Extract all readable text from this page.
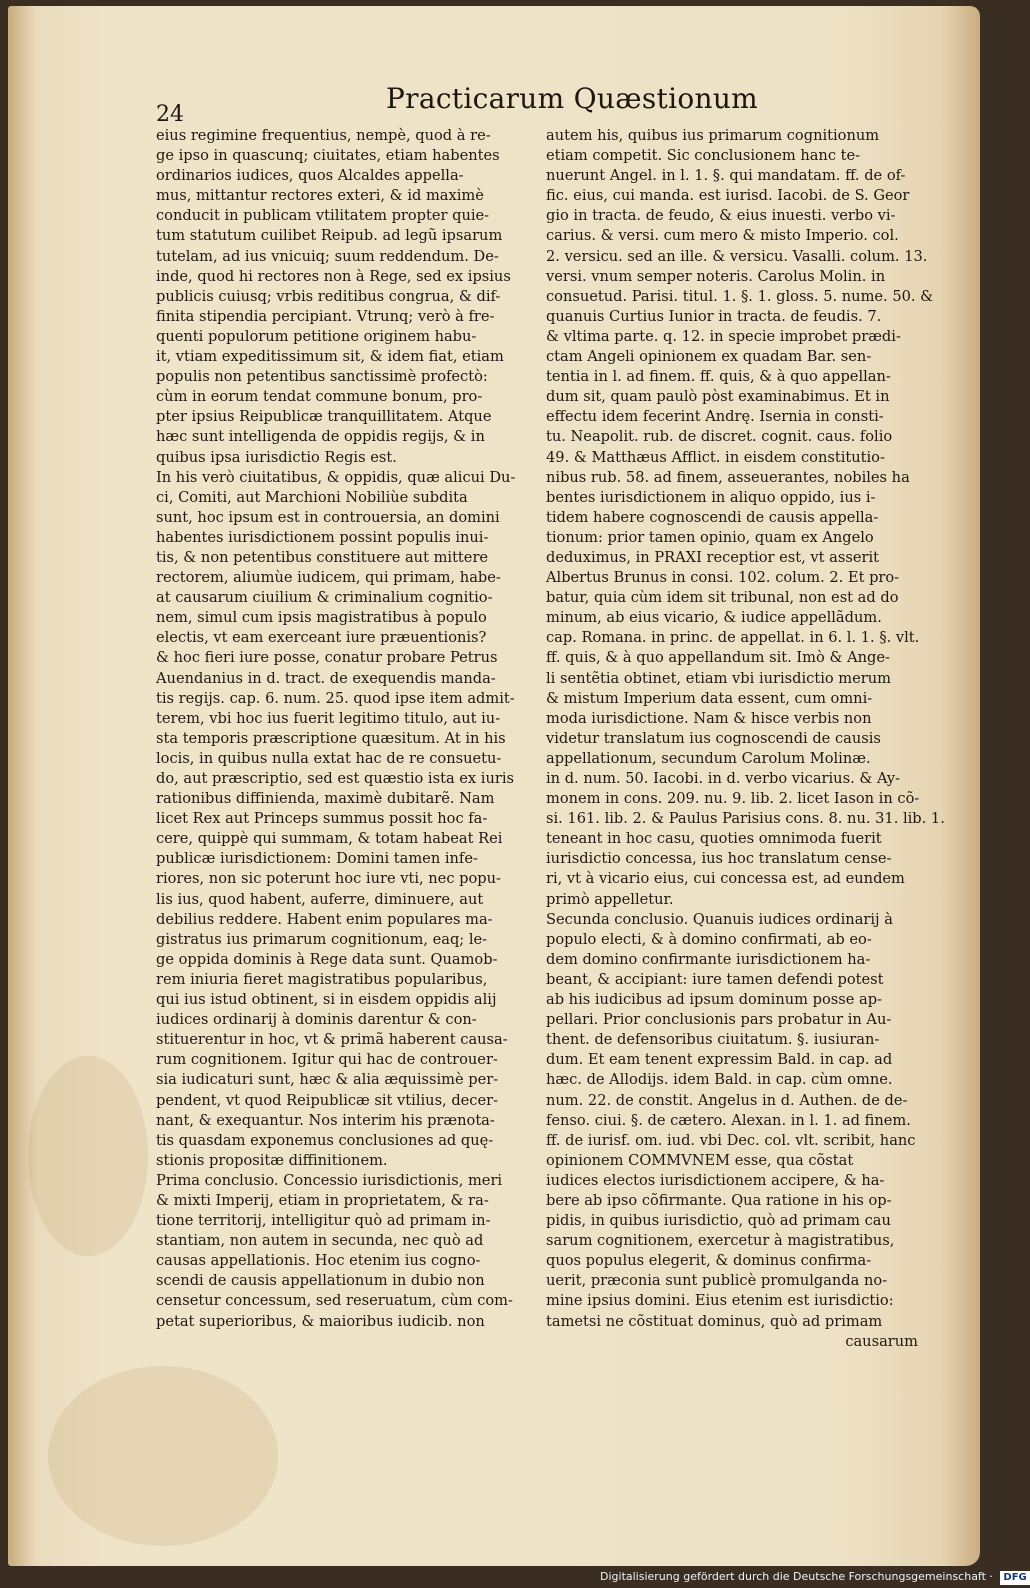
24	Practicarum Quæstionum
eius regimine frequentius, nempè, quod à re-
ge ipso in quascunq; ciuitates, etiam habentes
ordinarios iudices, quos Alcaldes appella-
mus, mittantur rectores exteri, & id maximè
conducit in publicam vtilitatem propter quie-
tum statutum cuilibet Reipub. ad legũ ipsarum
tutelam, ad ius vnicuiq; suum reddendum. De-
inde, quod hi rectores non à Rege, sed ex ipsius
publicis cuiusq; vrbis reditibus congrua, & dif-
finita stipendia percipiant. Vtrunq; verò à fre-
quenti populorum petitione originem habu-
it, vtiam expeditissimum sit, & idem fiat, etiam
populis non petentibus sanctissimè profectò:
cùm in eorum tendat commune bonum, pro-
pter ipsius Reipublicæ tranquillitatem. Atque
hæc sunt intelligenda de oppidis regijs, & in
quibus ipsa iurisdictio Regis est.
In his verò ciuitatibus, & oppidis, quæ alicui Du-
ci, Comiti, aut Marchioni Nobiliùe subdita
sunt, hoc ipsum est in controuersia, an domini
habentes iurisdictionem possint populis inui-
tis, & non petentibus constituere aut mittere
rectorem, aliumùe iudicem, qui primam, habe-
at causarum ciuilium & criminalium cognitio-
nem, simul cum ipsis magistratibus à populo
electis, vt eam exerceant iure præuentionis?
& hoc fieri iure posse, conatur probare Petrus
Auendanius in d. tract. de exequendis manda-
tis regijs. cap. 6. num. 25. quod ipse item admit-
terem, vbi hoc ius fuerit legitimo titulo, aut iu-
sta temporis præscriptione quæsitum. At in his
locis, in quibus nulla extat hac de re consuetu-
do, aut præscriptio, sed est quæstio ista ex iuris
rationibus diffinienda, maximè dubitarẽ. Nam
licet Rex aut Princeps summus possit hoc fa-
cere, quippè qui summam, & totam habeat Rei
publicæ iurisdictionem: Domini tamen infe-
riores, non sic poterunt hoc iure vti, nec popu-
lis ius, quod habent, auferre, diminuere, aut
debilius reddere. Habent enim populares ma-
gistratus ius primarum cognitionum, eaq; le-
ge oppida dominis à Rege data sunt. Quamob-
rem iniuria fieret magistratibus popularibus,
qui ius istud obtinent, si in eisdem oppidis alij
iudices ordinarij à dominis darentur & con-
stituerentur in hoc, vt & primã haberent causa-
rum cognitionem. Igitur qui hac de controuer-
sia iudicaturi sunt, hæc & alia æquissimè per-
pendent, vt quod Reipublicæ sit vtilius, decer-
nant, & exequantur. Nos interim his prænota-
tis quasdam exponemus conclusiones ad quę-
stionis propositæ diffinitionem.
Prima conclusio. Concessio iurisdictionis, meri
& mixti Imperij, etiam in proprietatem, & ra-
tione territorij, intelligitur quò ad primam in-
stantiam, non autem in secunda, nec quò ad
causas appellationis. Hoc etenim ius cogno-
scendi de causis appellationum in dubio non
censetur concessum, sed reseruatum, cùm com-
petat superioribus, & maioribus iudicib. non
autem his, quibus ius primarum cognitionum
etiam competit. Sic conclusionem hanc te-
nuerunt Angel. in l. 1. §. qui mandatam. ff. de of-
fic. eius, cui manda. est iurisd. Iacobi. de S. Geor
gio in tracta. de feudo, & eius inuesti. verbo vi-
carius. & versi. cum mero & misto Imperio. col.
2. versicu. sed an ille. & versicu. Vasalli. colum. 13.
versi. vnum semper noteris. Carolus Molin. in
consuetud. Parisi. titul. 1. §. 1. gloss. 5. nume. 50. &
quanuis Curtius Iunior in tracta. de feudis. 7.
& vltima parte. q. 12. in specie improbet prædi-
ctam Angeli opinionem ex quadam Bar. sen-
tentia in l. ad finem. ff. quis, & à quo appellan-
dum sit, quam paulò pòst examinabimus. Et in
effectu idem fecerint Andrę. Isernia in consti-
tu. Neapolit. rub. de discret. cognit. caus. folio
49. & Matthæus Afflict. in eisdem constitutio-
nibus rub. 58. ad finem, asseuerantes, nobiles ha
bentes iurisdictionem in aliquo oppido, ius i-
tidem habere cognoscendi de causis appella-
tionum: prior tamen opinio, quam ex Angelo
deduximus, in PRAXI receptior est, vt asserit
Albertus Brunus in consi. 102. colum. 2. Et pro-
batur, quia cùm idem sit tribunal, non est ad do
minum, ab eius vicario, & iudice appellãdum.
cap. Romana. in princ. de appellat. in 6. l. 1. §. vlt.
ff. quis, & à quo appellandum sit. Imò & Ange-
li sentẽtia obtinet, etiam vbi iurisdictio merum
& mistum Imperium data essent, cum omni-
moda iurisdictione. Nam & hisce verbis non
videtur translatum ius cognoscendi de causis
appellationum, secundum Carolum Molinæ.
in d. num. 50. Iacobi. in d. verbo vicarius. & Ay-
monem in cons. 209. nu. 9. lib. 2. licet Iason in cõ-
si. 161. lib. 2. & Paulus Parisius cons. 8. nu. 31. lib. 1.
teneant in hoc casu, quoties omnimoda fuerit
iurisdictio concessa, ius hoc translatum cense-
ri, vt à vicario eius, cui concessa est, ad eundem
primò appelletur.
Secunda conclusio. Quanuis iudices ordinarij à
populo electi, & à domino confirmati, ab eo-
dem domino confirmante iurisdictionem ha-
beant, & accipiant: iure tamen defendi potest
ab his iudicibus ad ipsum dominum posse ap-
pellari. Prior conclusionis pars probatur in Au-
thent. de defensoribus ciuitatum. §. iusiuran-
dum. Et eam tenent expressim Bald. in cap. ad
hæc. de Allodijs. idem Bald. in cap. cùm omne.
num. 22. de constit. Angelus in d. Authen. de de-
fenso. ciui. §. de cætero. Alexan. in l. 1. ad finem.
ff. de iurisf. om. iud. vbi Dec. col. vlt. scribit, hanc
opinionem COMMVNEM esse, qua cõstat
iudices electos iurisdictionem accipere, & ha-
bere ab ipso cõfirmante. Qua ratione in his op-
pidis, in quibus iurisdictio, quò ad primam cau
sarum cognitionem, exercetur à magistratibus,
quos populus elegerit, & dominus confirma-
uerit, præconia sunt publicè promulganda no-
mine ipsius domini. Eius etenim est iurisdictio:
tametsi ne cõstituat dominus, quò ad primam
causarum
Digitalisierung gefördert durch die Deutsche Forschungsgemeinschaft · DFG
